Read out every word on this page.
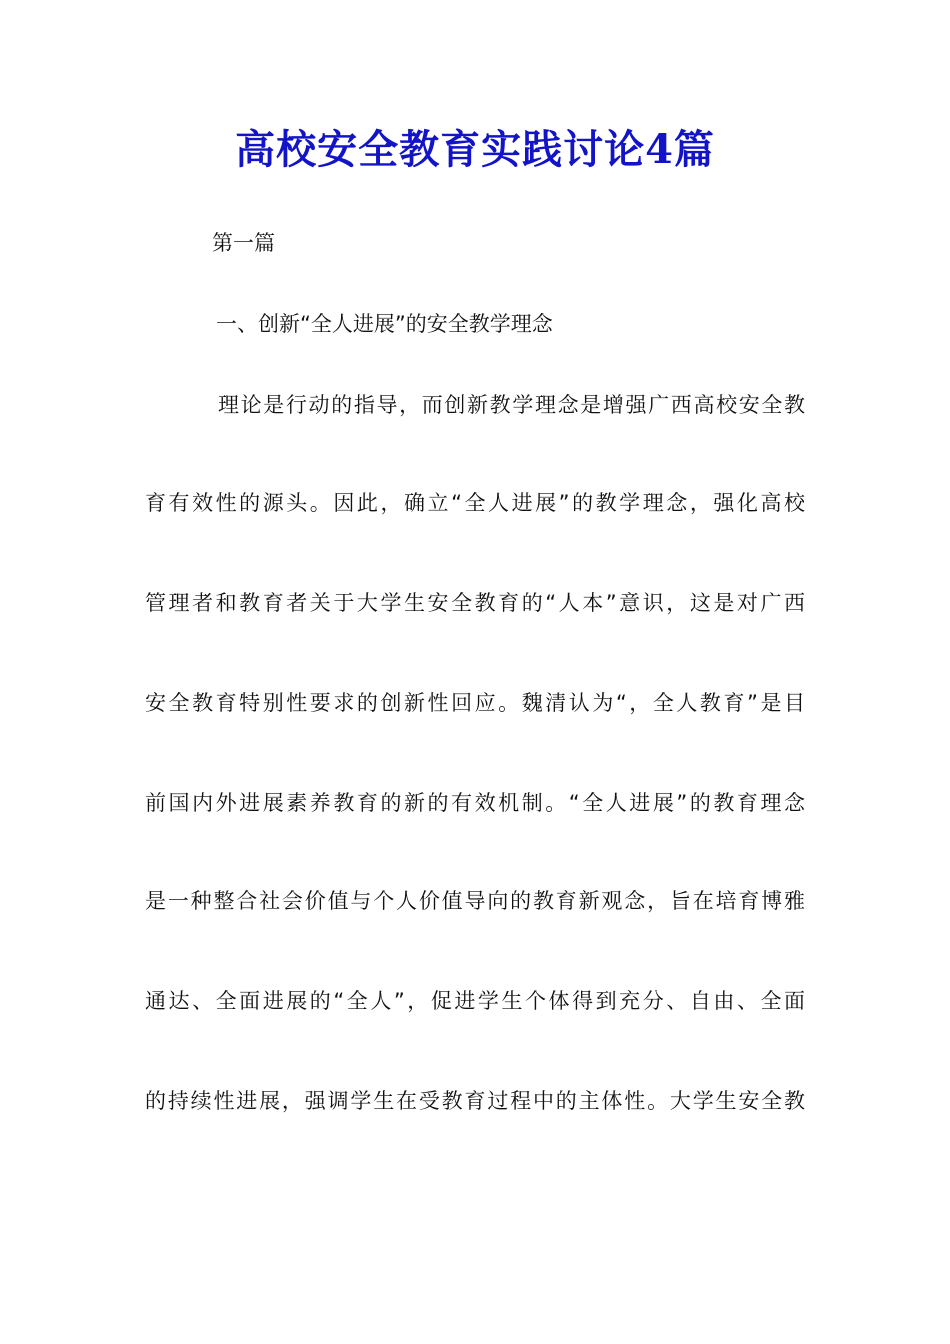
高校安全教育实践讨论4篇
第一篇
一、创新“全人进展”的安全教学理念
理论是行动的指导，而创新教学理念是增强广西高校安全教
育有效性的源头。因此，确立“全人进展”的教学理念，强化高校
管理者和教育者关于大学生安全教育的“人本”意识，这是对广西
安全教育特别性要求的创新性回应。魏清认为“，全人教育”是目
前国内外进展素养教育的新的有效机制。“全人进展”的教育理念
是一种整合社会价值与个人价值导向的教育新观念，旨在培育博雅
通达、全面进展的“全人”，促进学生个体得到充分、自由、全面
的持续性进展，强调学生在受教育过程中的主体性。大学生安全教
